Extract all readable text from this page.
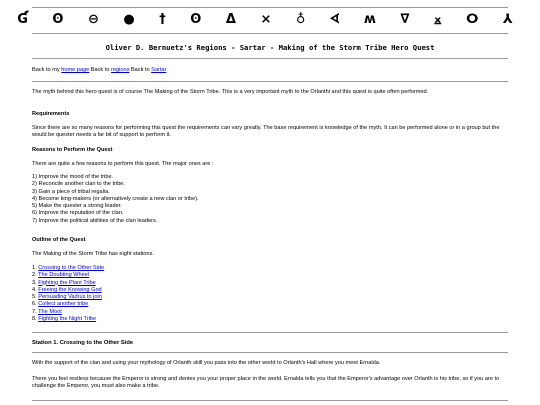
Ɠ ʘ ⊖ ● † ʘ ᐃ ⨯ ♁ ᗏ ʍ ∇ ⨱ ⵔ ⅄
Oliver D. Bernuetz's Regions - Sartar - Making of the Storm Tribe Hero Quest
Back to my home page Back to regions Back to Sartar

The myth behind this hero quest is of course The Making of the Storm Tribe. This is a very important myth to the Orlanthi and this quest is quite often performed.

Requirements

Since there are so many reasons for performing this quest the requirements can vary greatly. The base requirement is knowledge of the myth. It can be performed alone or in a group but the would be quester needs a far bit of support to perform it.

Reasons to Perform the Quest

There are quite a few reasons to perform this quest. The major ones are :

1) Improve the mood of the tribe.
2) Reconcile another clan to the tribe.
3) Gain a piece of tribal regalia.
4) Become king-makers (or alternatively create a new clan or tribe).
5) Make the quester a strong leader.
6) Improve the reputation of the clan.
7) Improve the political abilities of the clan leaders.

Outline of the Quest

The Making of the Storm Tribe has eight stations.

1. Crossing to the Other Side
2. The Doubting Wheel
3. Fighting the Plant Tribe
4. Freeing the Knowing God
5. Persuading Vadrus to join
6. Collect another tribe
7. The Moot
8. Fighting the Night Tribe

Station 1. Crossing to the Other Side

With the support of the clan and using your mythology of Orlanth skill you pass into the other world to Orlanth's Hall where you meet Ernalda.

There you feel restless because the Emperor is strong and denies you your proper place in the world. Ernalda tells you that the Emperor's advantage over Orlanth is his tribe, so if you are to challenge the Emperor, you must also make a tribe.
